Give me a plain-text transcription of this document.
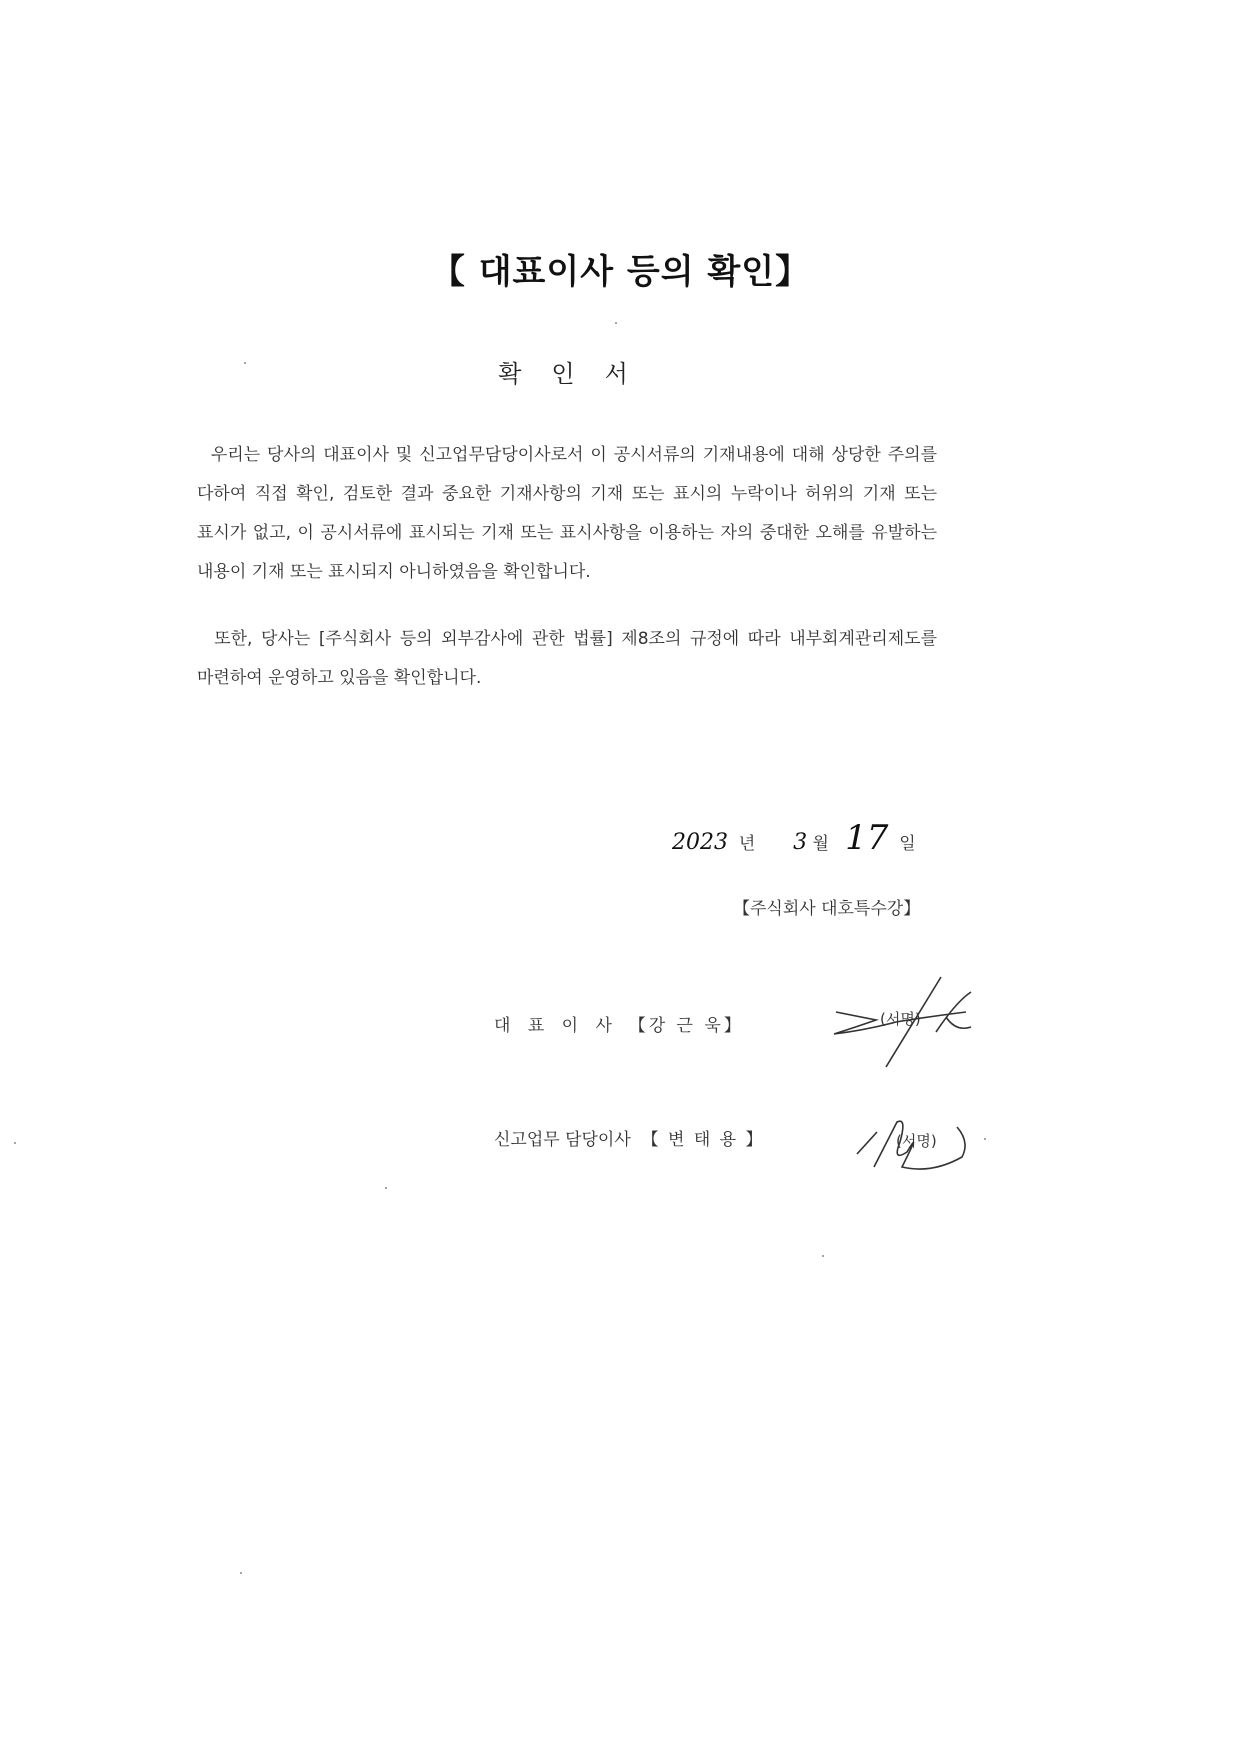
【 대표이사 등의 확인】
확인서

우리는 당사의 대표이사 및 신고업무담당이사로서 이 공시서류의 기재내용에 대해 상당한 주의를 다하여 직접 확인, 검토한 결과 중요한 기재사항의 기재 또는 표시의 누락이나 허위의 기재 또는 표시가 없고, 이 공시서류에 표시되는 기재 또는 표시사항을 이용하는 자의 중대한 오해를 유발하는 내용이 기재 또는 표시되지 아니하였음을 확인합니다.

또한, 당사는 [주식회사 등의 외부감사에 관한 법률] 제8조의 규정에 따라 내부회계관리제도를 마련하여 운영하고 있음을 확인합니다.

2023 년 3 월 17 일
【주식회사 대호특수강】
대 표 이 사 【강 근 욱】	(서명)
신고업무 담당이사 【 변 태 용 】	(서명)
